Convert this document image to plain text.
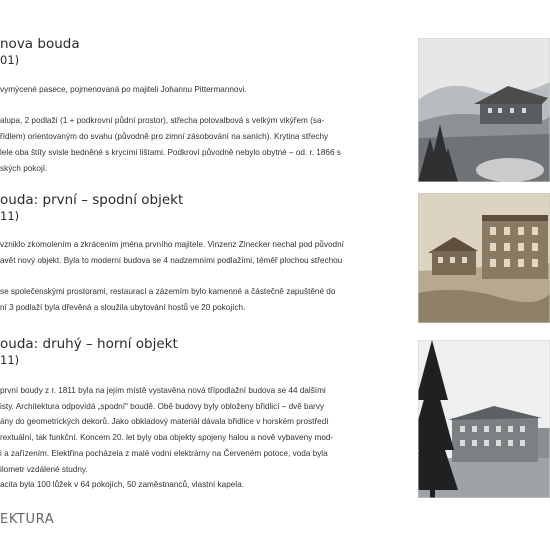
nova bouda
01)
vymýcené pasece, pojmenovaná po majiteli Johannu Pittermannovi.

alupa, 2 podlaží (1 + podkrovní půdní prostor), střecha polovalbová s velkým vikýřem (sa-
řídlem) orientovaným do svahu (původně pro zimní zásobování na saních). Krytina střechy
lele oba štíty svisle bedněné s krycími lištami. Podkroví původně nebylo obytné – od. r. 1866 s
ských pokojí.
ouda: první – spodní objekt
11)
vzniklo zkomolením a zkrácením jména prvního majitele. Vinzenz Zinecker nechal pod původní
avět nový objekt. Byla to moderní budova se 4 nadzemními podlažími, téměř plochou střechou

se společenskými prostorami, restaurací a zázemím bylo kamenné a částečně zapuštěné do
ní 3 podlaží byla dřevěná a sloužila ubytování hostů ve 20 pokojích.
ouda: druhý – horní objekt
11)
první boudy z r. 1811 byla na jejím místě vystavěna nová třípodlažní budova se 44 dalšími
isty. Architektura odpovídá „spodní" boudě. Obě budovy byly obloženy břidlicí – dvě barvy
ány do geometrických dekorů. Jako obkladový materiál dávala břidlice v horském prostředí
rextuální, tak funkční. Koncem 20. let byly oba objekty spojeny halou a nově vybaveny mod-
i a zařízením. Elektřina pocházela z malé vodní elektrárny na Červeném potoce, voda byla
ilometr vzdálené studny.
acita byla 100 lůžek v 64 pokojích, 50 zaměstnanců, vlastní kapela.
EKTURA
